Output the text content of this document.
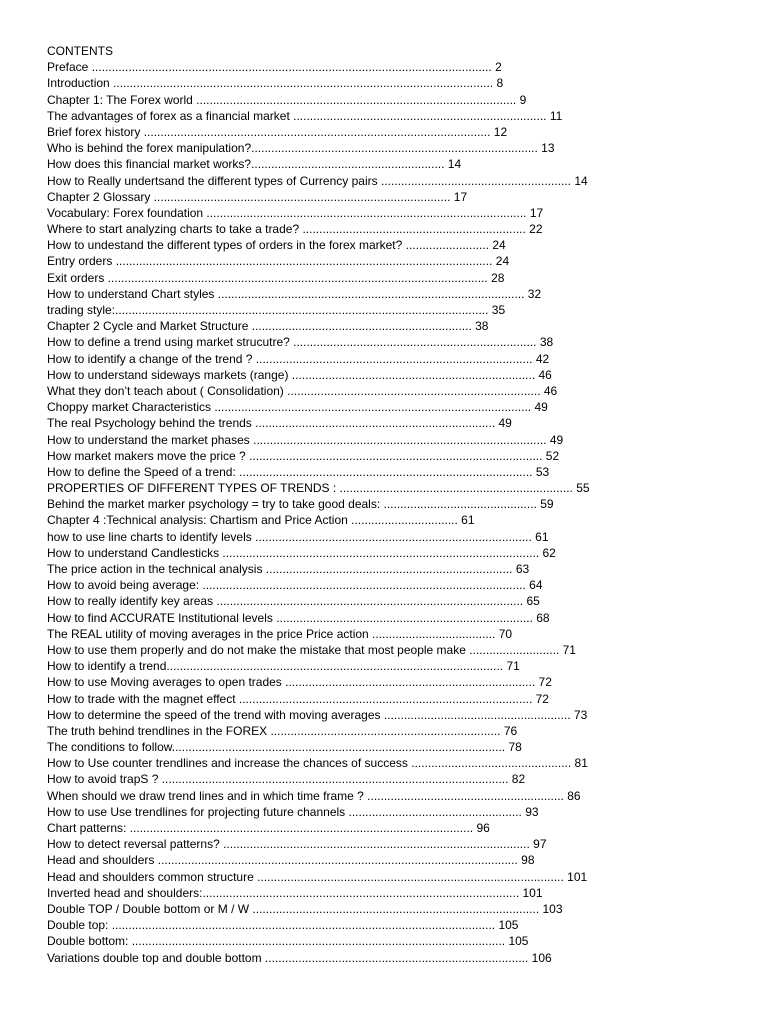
CONTENTS
Preface ........................................................................................................................ 2
Introduction .................................................................................................................. 8
Chapter 1: The Forex world ................................................................................................ 9
The advantages of forex as a financial market ............................................................................ 11
Brief forex history ........................................................................................................ 12
Who is behind the forex manipulation?...................................................................................... 13
How does this financial market works?.......................................................... 14
How to Really undertsand the different types of Currency pairs ......................................................... 14
Chapter 2 Glossary ......................................................................................... 17
Vocabulary: Forex foundation ................................................................................................ 17
Where to start analyzing charts to take a trade? ................................................................... 22
How to undestand the different types of orders in the forex market? ......................... 24
Entry orders ................................................................................................................. 24
Exit orders .................................................................................................................. 28
How to understand Chart styles ............................................................................................ 32
trading style:................................................................................................................ 35
Chapter 2 Cycle and Market Structure .................................................................. 38
How to define a trend using market strucutre? ......................................................................... 38
How to identify a change of the trend ? ................................................................................... 42
How to understand sideways markets (range) ......................................................................... 46
What they don’t teach about ( Consolidation) ............................................................................ 46
Choppy market Characteristics ............................................................................................... 49
The real Psychology behind the trends ........................................................................ 49
How to understand the market phases ........................................................................................ 49
How market makers move the price ? ........................................................................................ 52
How to define the Speed of a trend: ........................................................................................ 53
PROPERTIES OF DIFFERENT TYPES OF TRENDS : ...................................................................... 55
Behind the market marker psychology = try to take good deals: .............................................. 59
Chapter 4 :Technical analysis: Chartism and Price Action ................................ 61
how to use line charts to identify levels ................................................................................... 61
How to understand Candlesticks ............................................................................................... 62
The price action in the technical analysis .......................................................................... 63
How to avoid being average: ................................................................................................. 64
How to really identify key areas ............................................................................................ 65
How to find ACCURATE Institutional levels ............................................................................. 68
The REAL utility of moving averages in the price Price action ..................................... 70
How to use them properly and do not make the mistake that most people make ........................... 71
How to identify a trend..................................................................................................... 71
How to use Moving averages to open trades ........................................................................... 72
How to trade with the magnet effect ........................................................................................ 72
How to determine the speed of the trend with moving averages ........................................................ 73
The truth behind trendlines in the FOREX ..................................................................... 76
The conditions to follow.................................................................................................... 78
How to Use counter trendlines and increase the chances of success ................................................ 81
How to avoid trapS ? ........................................................................................................ 82
When should we draw trend lines and in which time frame ? ........................................................... 86
How to use Use trendlines for projecting future channels .................................................... 93
Chart patterns: ....................................................................................................... 96
How to detect reversal patterns? ............................................................................................ 97
Head and shoulders ............................................................................................................ 98
Head and shoulders common structure ............................................................................................ 101
Inverted head and shoulders:............................................................................................... 101
Double TOP / Double bottom or M / W ...................................................................................... 103
Double top: ................................................................................................................... 105
Double bottom: ................................................................................................................ 105
Variations double top and double bottom ............................................................................... 106
